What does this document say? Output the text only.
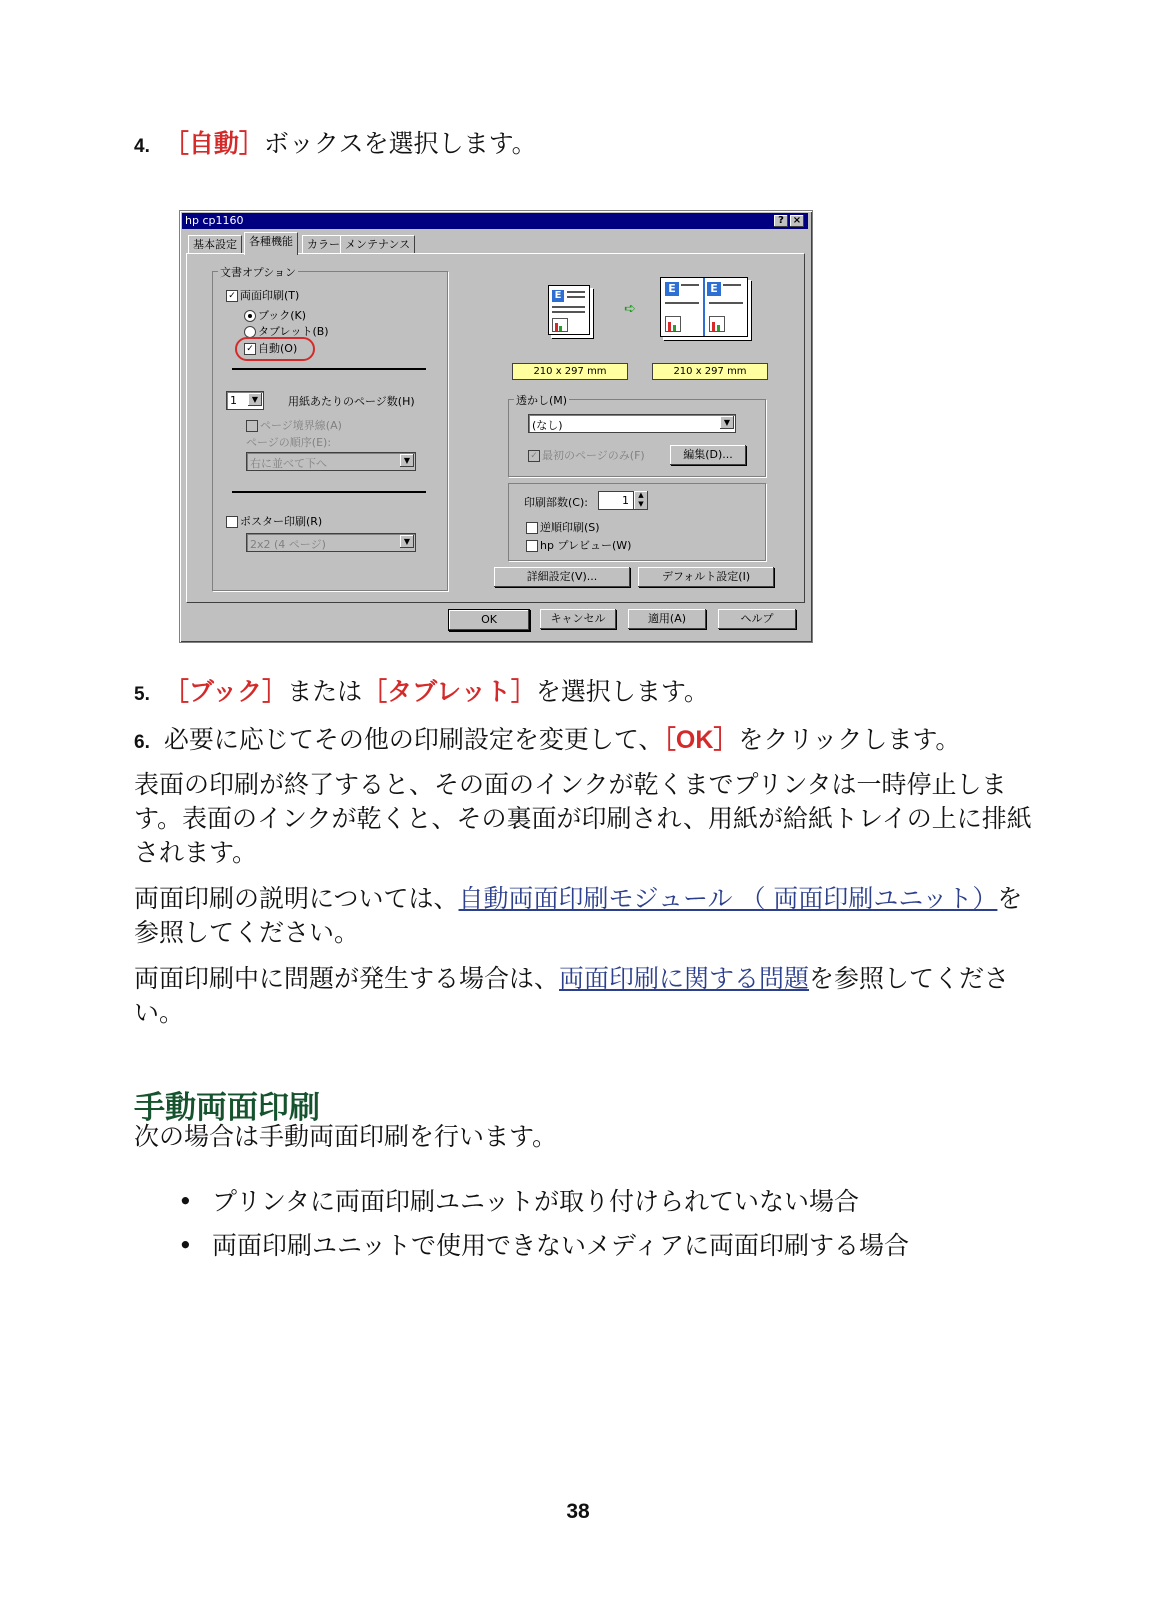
4. ［自動］ボックスを選択します。
hp cp1160	? ×
基本設定	各種機能	カラー メンテナンス
文書オプション
✓ 両面印刷(T)
ブック(K)
タブレット(B)
✓ 自動(O)
1	▼	用紙あたりのページ数(H)
ページ境界線(A)
ページの順序(E):
右に並べて下へ	▼
ポスター印刷(R)
2x2 (4 ページ)	▼
E
➪
E	E
210 x 297 mm	210 x 297 mm
透かし(M)
(なし)	▼
✓ 最初のページのみ(F)	編集(D)...
印刷部数(C):	1	▲
▼
逆順印刷(S)
hp プレビュー(W)
詳細設定(V)...	デフォルト設定(I)
OK	キャンセル	適用(A)	ヘルプ
5. ［ブック］または［タブレット］を選択します。
6. 必要に応じてその他の印刷設定を変更して、［OK］をクリックします。
表面の印刷が終了すると、その面のインクが乾くまでプリンタは一時停止します。表面のインクが乾くと、その裏面が印刷され、用紙が給紙トレイの上に排紙されます。
両面印刷の説明については、自動両面印刷モジュール （ 両面印刷ユニット）を参照してください。
両面印刷中に問題が発生する場合は、両面印刷に関する問題を参照してください。
手動両面印刷
次の場合は手動両面印刷を行います。
• プリンタに両面印刷ユニットが取り付けられていない場合
• 両面印刷ユニットで使用できないメディアに両面印刷する場合
38
